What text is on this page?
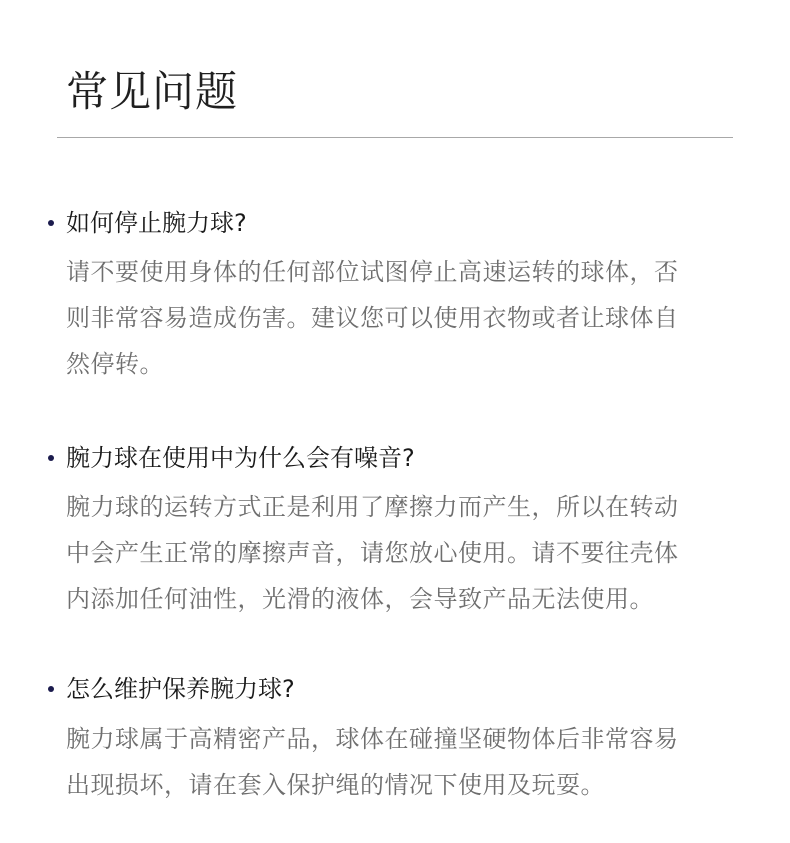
常见问题
如何停止腕力球?
请不要使用身体的任何部位试图停止高速运转的球体，否
则非常容易造成伤害。建议您可以使用衣物或者让球体自
然停转。
腕力球在使用中为什么会有噪音?
腕力球的运转方式正是利用了摩擦力而产生，所以在转动
中会产生正常的摩擦声音，请您放心使用。请不要往壳体
内添加任何油性，光滑的液体，会导致产品无法使用。
怎么维护保养腕力球?
腕力球属于高精密产品，球体在碰撞坚硬物体后非常容易
出现损坏，请在套入保护绳的情况下使用及玩耍。
